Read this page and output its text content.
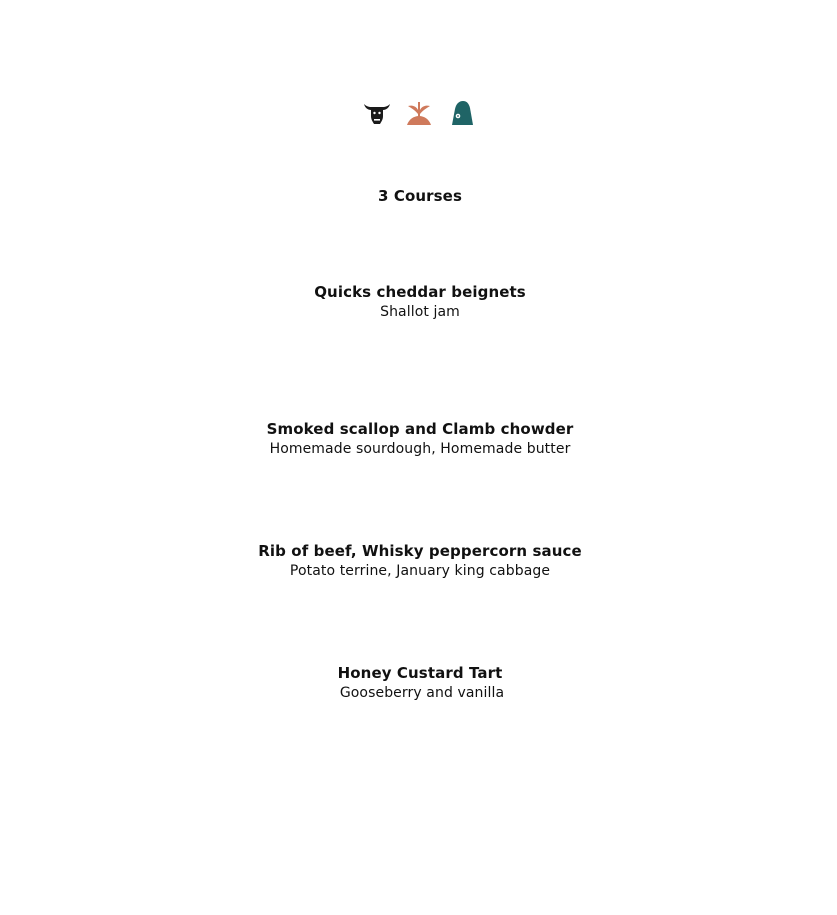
3 Courses
Quicks cheddar beignets
Shallot jam
Smoked scallop and Clamb chowder
Homemade sourdough, Homemade butter
Rib of beef, Whisky peppercorn sauce
Potato terrine, January king cabbage
Honey Custard Tart
Gooseberry and vanilla
